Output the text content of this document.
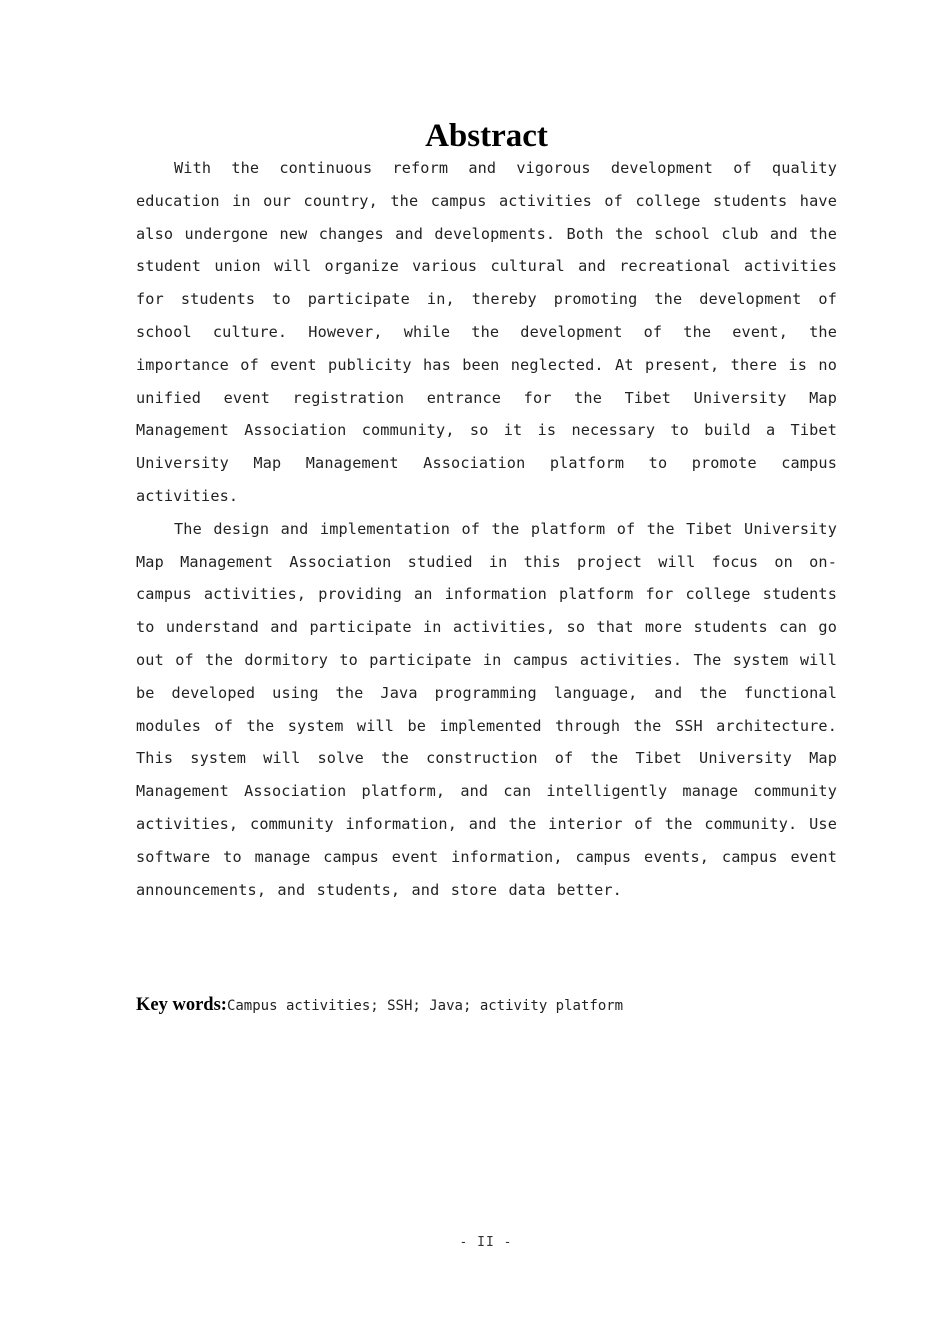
Abstract

With the continuous reform and vigorous development of quality education in our country, the campus activities of college students have also undergone new changes and developments. Both the school club and the student union will organize various cultural and recreational activities for students to participate in, thereby promoting the development of school culture. However, while the development of the event, the importance of event publicity has been neglected. At present, there is no unified event registration entrance for the Tibet University Map Management Association community, so it is necessary to build a Tibet University Map Management Association platform to promote campus activities.

The design and implementation of the platform of the Tibet University Map Management Association studied in this project will focus on on-campus activities, providing an information platform for college students to understand and participate in activities, so that more students can go out of the dormitory to participate in campus activities. The system will be developed using the Java programming language, and the functional modules of the system will be implemented through the SSH architecture. This system will solve the construction of the Tibet University Map Management Association platform, and can intelligently manage community activities, community information, and the interior of the community. Use software to manage campus event information, campus events, campus event announcements, and students, and store data better.

Key words:Campus activities; SSH; Java; activity platform
- II -
